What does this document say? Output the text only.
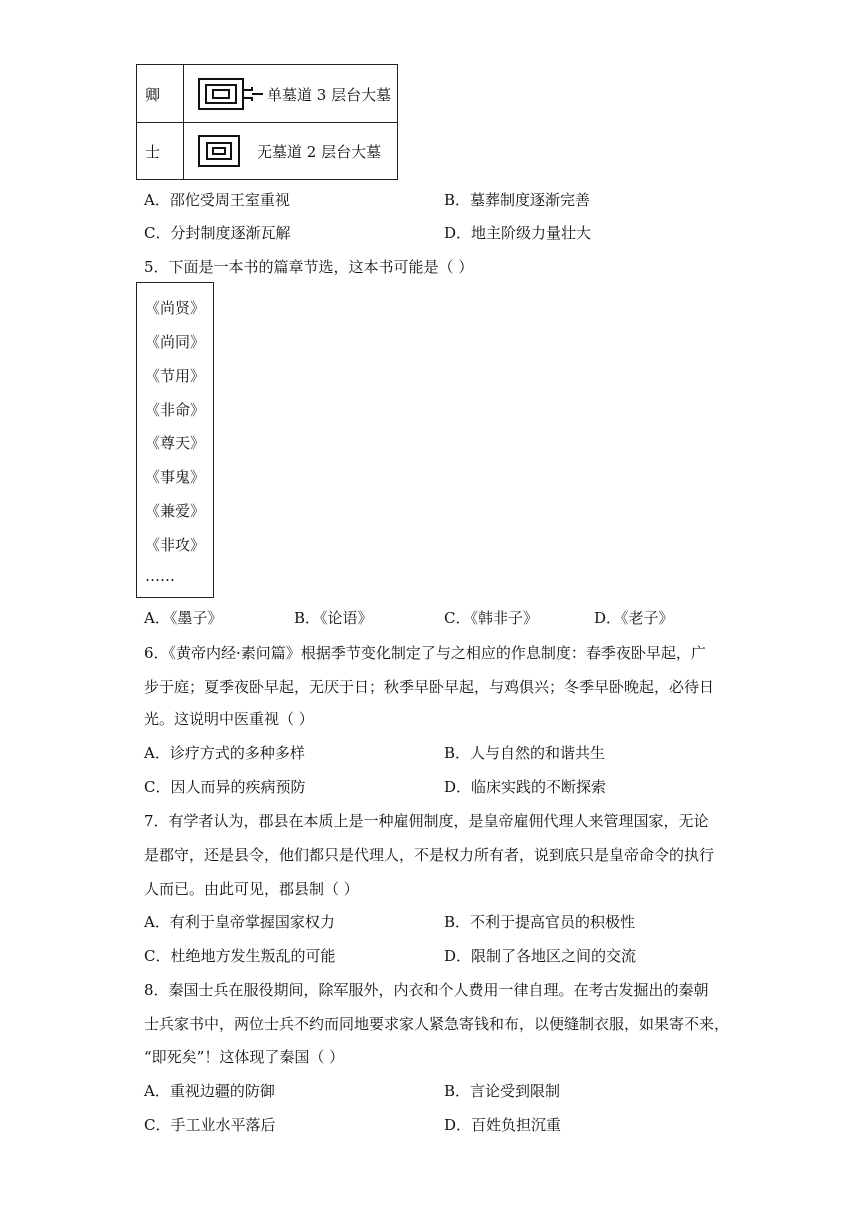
卿	单墓道 3 层台大墓
士	无墓道 2 层台大墓
A．邵佗受周王室重视	B．墓葬制度逐渐完善
C．分封制度逐渐瓦解	D．地主阶级力量壮大
5．下面是一本书的篇章节选，这本书可能是（ ）
《尚贤》
《尚同》
《节用》
《非命》
《尊天》
《事鬼》
《兼爱》
《非攻》
……
A．《墨子》	B．《论语》	C．《韩非子》	D．《老子》
6．《黄帝内经·素问篇》根据季节变化制定了与之相应的作息制度：春季夜卧早起，广
步于庭；夏季夜卧早起，无厌于日；秋季早卧早起，与鸡俱兴；冬季早卧晚起，必待日
光。这说明中医重视（ ）
A．诊疗方式的多种多样	B．人与自然的和谐共生
C．因人而异的疾病预防	D．临床实践的不断探索
7．有学者认为，郡县在本质上是一种雇佣制度，是皇帝雇佣代理人来管理国家，无论
是郡守，还是县令，他们都只是代理人，不是权力所有者，说到底只是皇帝命令的执行
人而已。由此可见，郡县制（ ）
A．有利于皇帝掌握国家权力	B．不利于提高官员的积极性
C．杜绝地方发生叛乱的可能	D．限制了各地区之间的交流
8．秦国士兵在服役期间，除军服外，内衣和个人费用一律自理。在考古发掘出的秦朝
士兵家书中，两位士兵不约而同地要求家人紧急寄钱和布，以便缝制衣服，如果寄不来，
“即死矣”！这体现了秦国（ ）
A．重视边疆的防御	B．言论受到限制
C．手工业水平落后	D．百姓负担沉重
